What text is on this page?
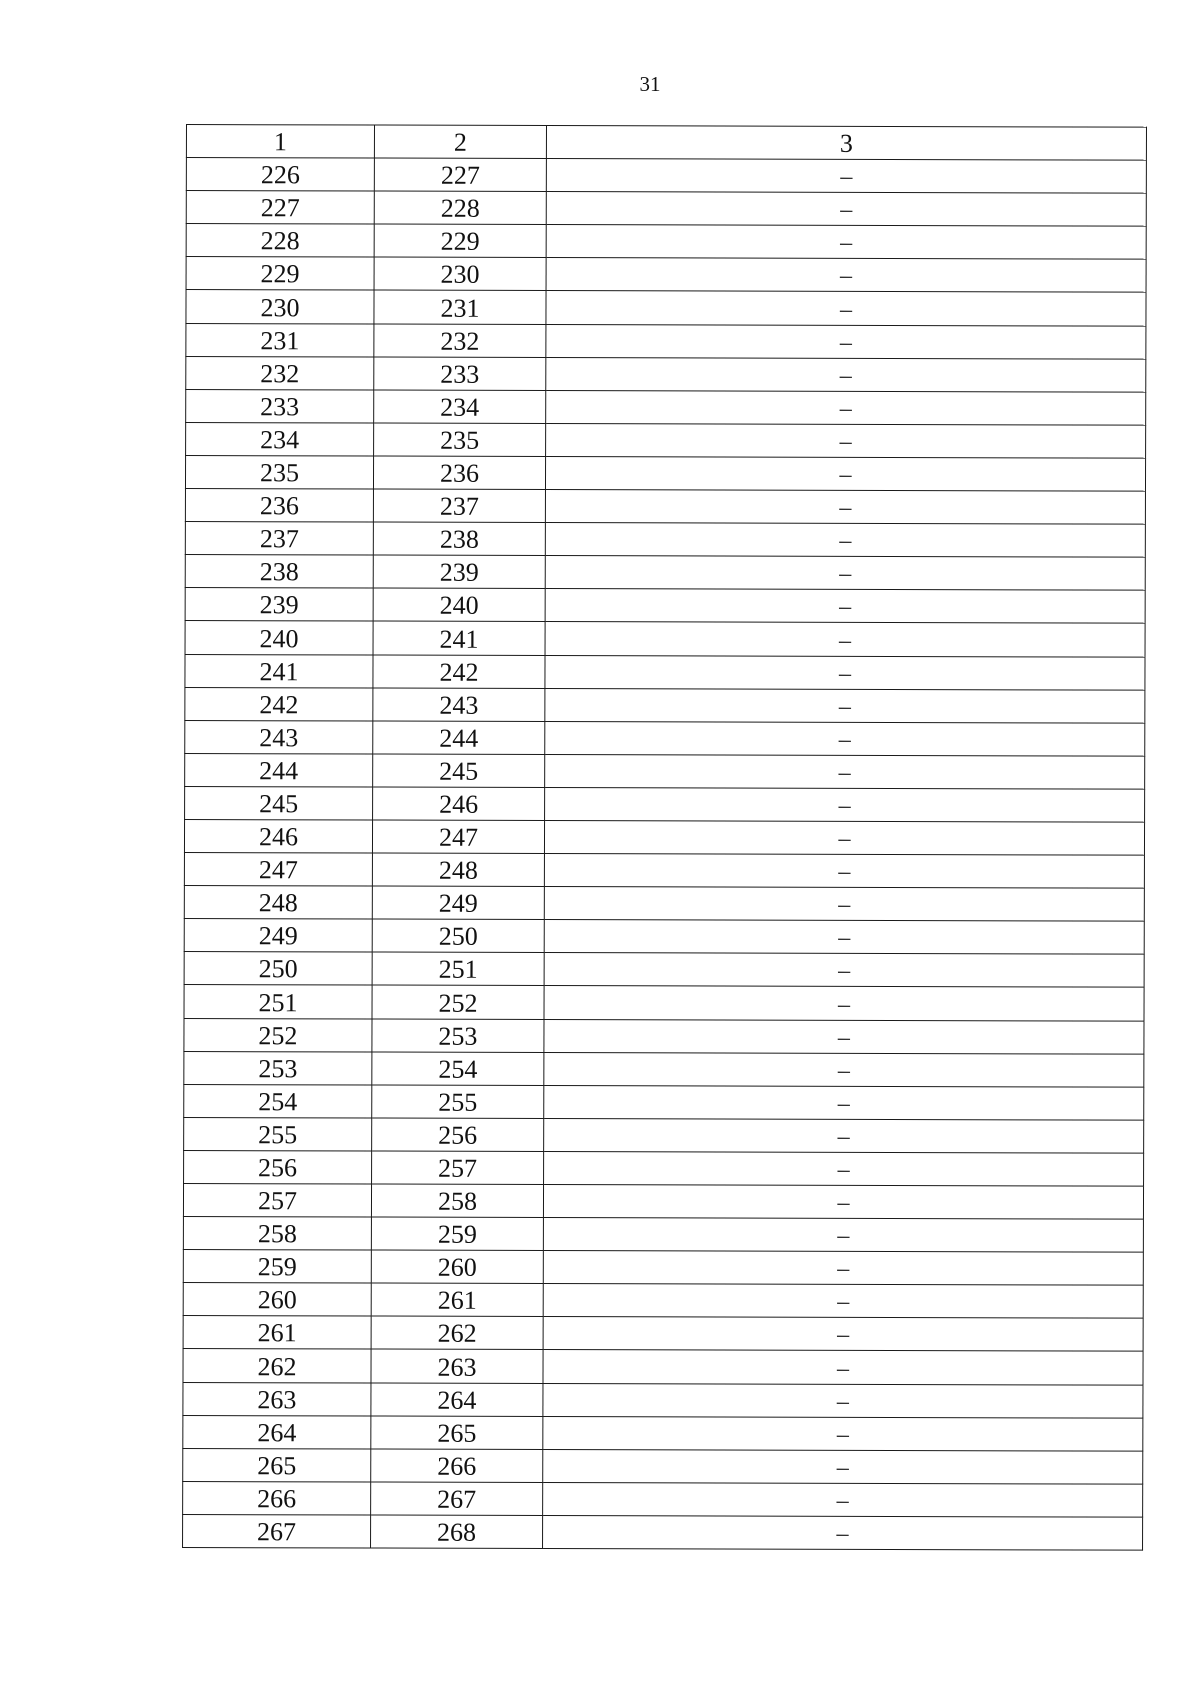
31
1	2	3
226	227	–
227	228	–
228	229	–
229	230	–
230	231	–
231	232	–
232	233	–
233	234	–
234	235	–
235	236	–
236	237	–
237	238	–
238	239	–
239	240	–
240	241	–
241	242	–
242	243	–
243	244	–
244	245	–
245	246	–
246	247	–
247	248	–
248	249	–
249	250	–
250	251	–
251	252	–
252	253	–
253	254	–
254	255	–
255	256	–
256	257	–
257	258	–
258	259	–
259	260	–
260	261	–
261	262	–
262	263	–
263	264	–
264	265	–
265	266	–
266	267	–
267	268	–
